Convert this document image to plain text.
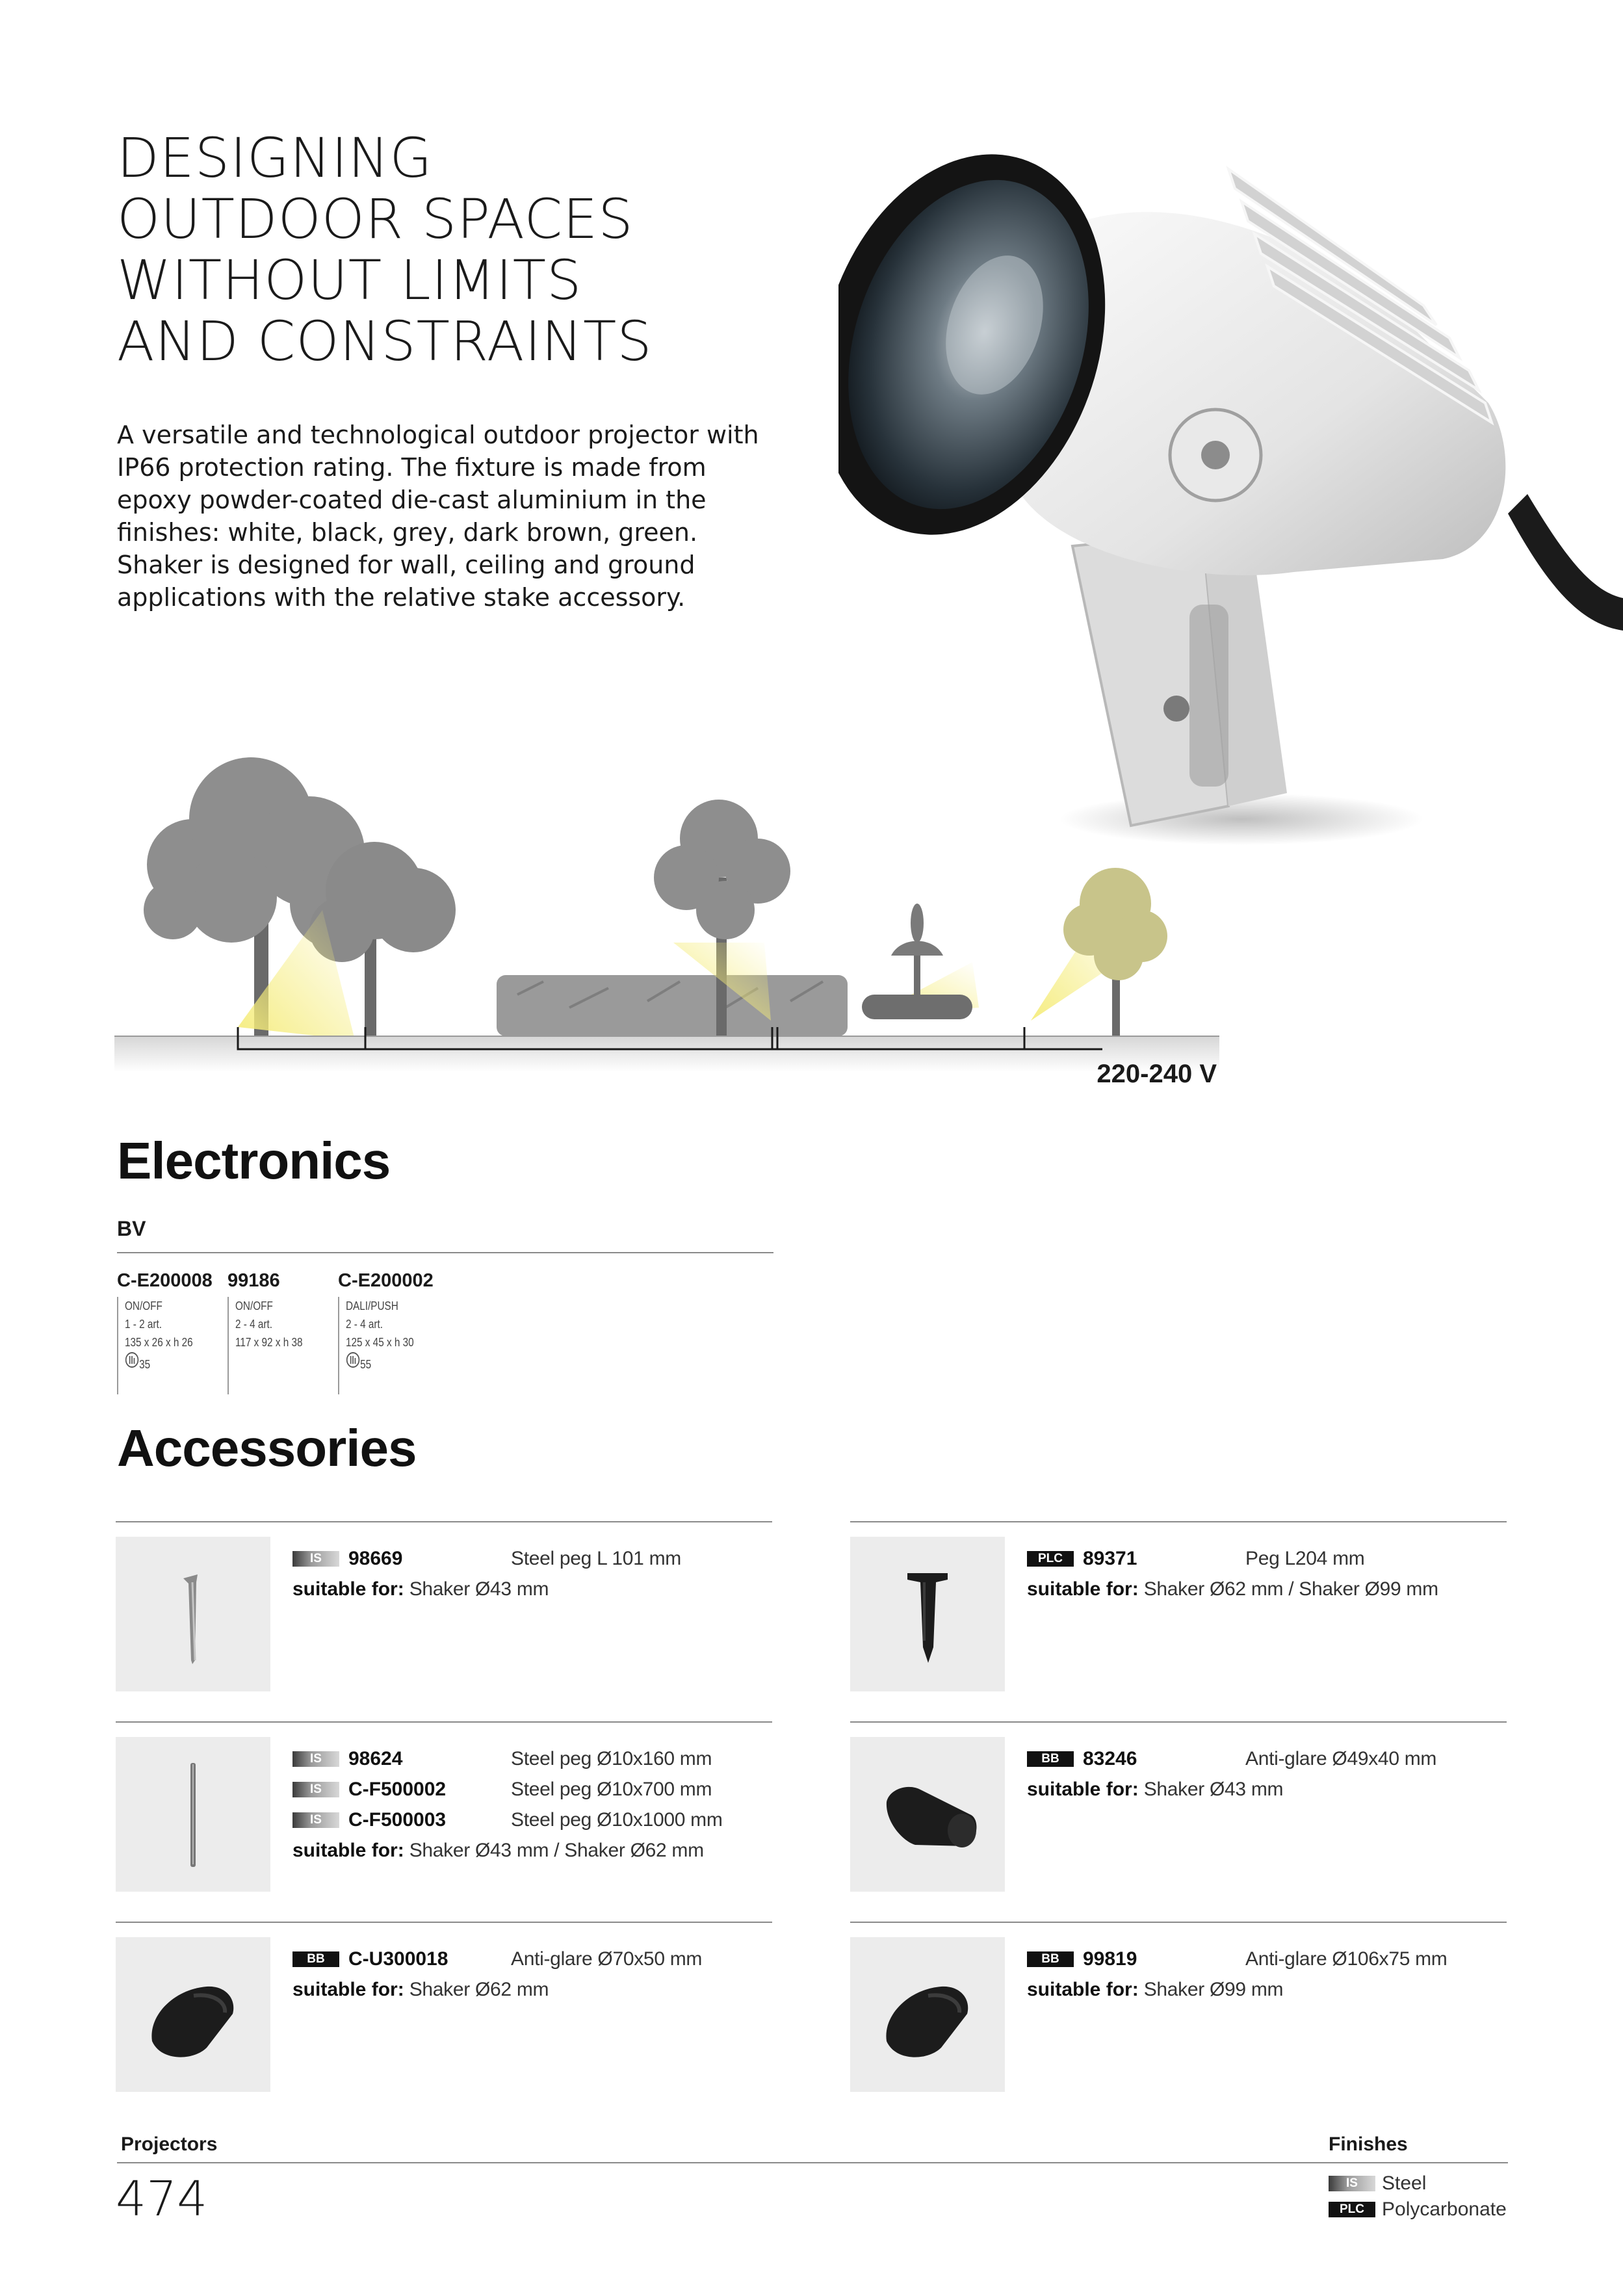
DESIGNING
OUTDOOR SPACES
WITHOUT LIMITS
AND CONSTRAINTS

A versatile and technological outdoor projector with IP66 protection rating. The fixture is made from epoxy powder-coated die-cast aluminium in the finishes: white, black, grey, dark brown, green. Shaker is designed for wall, ceiling and ground applications with the relative stake accessory.

220-240 V
Electronics
BV
C-E200008
ON/OFF
1 - 2 art.
135 x 26 x h 26
35
99186
ON/OFF
2 - 4 art.
117 x 92 x h 38
C-E200002
DALI/PUSH
2 - 4 art.
125 x 45 x h 30
55
Accessories
IS	98669	Steel peg L 101 mm
suitable for: Shaker Ø43 mm
PLC	89371	Peg L204 mm
suitable for: Shaker Ø62 mm / Shaker Ø99 mm
IS	98624	Steel peg Ø10x160 mm
IS	C-F500002	Steel peg Ø10x700 mm
IS	C-F500003	Steel peg Ø10x1000 mm
suitable for: Shaker Ø43 mm / Shaker Ø62 mm
BB	83246	Anti-glare Ø49x40 mm
suitable for: Shaker Ø43 mm
BB	C-U300018	Anti-glare Ø70x50 mm
suitable for: Shaker Ø62 mm
BB	99819	Anti-glare Ø106x75 mm
suitable for: Shaker Ø99 mm
Projectors	Finishes
474	IS	Steel
PLC Polycarbonate
